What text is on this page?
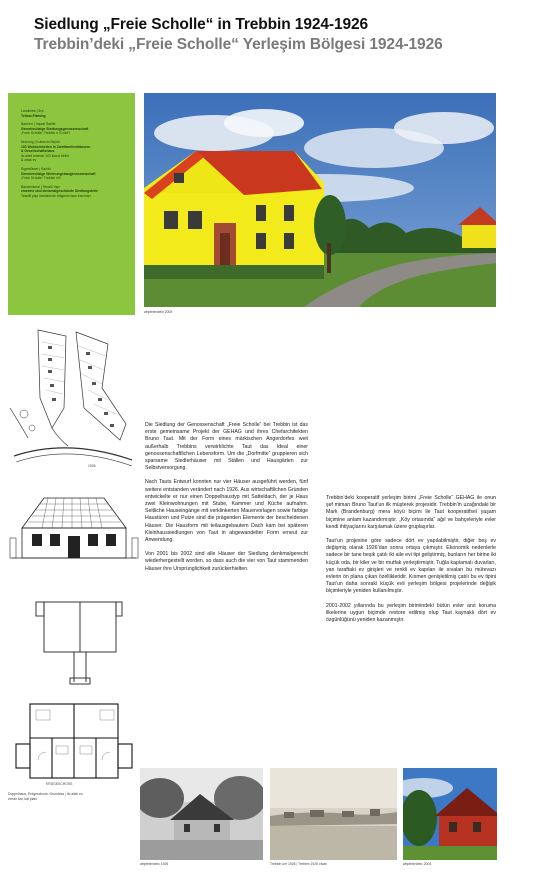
Siedlung „Freie Scholle“ in Trebbin 1924-1926
Trebbin’deki „Freie Scholle“ Yerleşim Bölgesi 1924-1926
Landkreis | İlçe
Teltow-Fläming
Bauherr | İnşaat Sahibi
Gemeinnützige Siedlungsgenossenschaft
„Freie Scholle“ Trebbin e.G.mbH
Nutzung | Kullanım Biçimi
103 Wohneinheiten in Zweifamilienhäusern
& Gesellschaftshaus
İki aileli evlerde 103 konut birimi
& ortak ev
Eigentümer | Sahibi
Gemeinnützige Wohnungsbaugenossenschaft
„Freie Scholle“ Trebbin eG
Baudenkmal | Tescilli Yapı
einzelne und denkmalgeschützte Siedlungsteile
Tescilli yapı statüsünde bölgenin bazı kısımları
wbpfelenbelc 2005
1926
ERDGESCHOSS
Doppelhaus, Erdgeschoss, Grundriss | İki aileli ev, zemin kat, kat planı

Die Siedlung der Genossenschaft „Freie Scholle“ bei Trebbin ist das erste gemeinsame Projekt der GEHAG und ihres Chefarchitekten Bruno Taut. Mit der Form eines märkischen Angerdorfes weit außerhalb Trebbins verwirklichte Taut das Ideal einer genossenschaftlichen Lebensform. Um die „Dorfmitte“ gruppieren sich sparsame Siedlerhäuser mit Ställen und Hausgärten zur Selbstversorgung.

Nach Tauts Entwurf konnten nur vier Häuser ausgeführt werden, fünf weitere entstanden verändert nach 1926. Aus wirtschaftlichen Gründen entwickelte er nur einen Doppelhaustyp mit Satteldach, der je Haus zwei Kleinwohnungen mit Stube, Kammer und Küche aufnahm. Seitliche Hauseingänge mit verklinkerten Mauervorlagen sowie farbige Haustüren und Putze sind die prägenden Elemente der bescheidenen Häuser. Die Hausform mit teilausgebautem Dach kam bei späteren Kleinhaussiedlungen von Taut in abgewandelter Form erneut zur Anwendung.

Von 2001 bis 2002 sind alle Häuser der Siedlung denkmalgerecht wiederhergestellt worden, so dass auch die vier von Taut stammenden Häuser ihre Ursprünglichkeit zurückerhielten.

Trebbin’deki kooperatif yerleşim birimi „Freie Scholle“ GEHAG ile onun şef mimarı Bruno Taut’un ilk müşterek projesidir. Trebbin’in uzağındaki bir Mark (Brandenburg) mera köyü biçimi ile Taut kooperatifsel yaşam biçimine anlam kazandırmıştır. „Köy ortasında“ ağıl ve bahçeleriyle evler kendi ihtiyaçlarını karşılamak üzere gruplaşırlar.

Taut’un projesine göre sadece dört ev yapılabilmiştir, diğer beş ev değişmiş olarak 1926’dan sonra ortaya çıkmıştır. Ekonomik nedenlerle sadece bir tane beşik çatılı iki aile evi tipi geliştirmiş, bunların her birine iki küçük oda, bir kiler ve bir mutfak yerleştirmiştir. Tuğla kaplamalı duvarları, yan taraftaki ev girişleri ve renkli ev kapıları ile sıvaları bu mütevazı evlerin ön plana çıkan özellikleridir. Kısmen genişletilmiş çatılı bu ev tipini Taut’un daha sonraki küçük evli yerleşim bölgesi projelerinde değişik biçimleriyle yeniden kullanılmıştır.

2001-2002 yıllarında bu yerleşim birimindeki bütün evler anıt koruma ilkelerine uygun biçimde restore edilmiş olup Taut kaynaklı dört ev özgünlüğünü yeniden kazanmıştır.

wbpfelenbelc 1926	Trebbin um 1926 | Trebbin 1926 civarı	wbpfelenbelc 2004
